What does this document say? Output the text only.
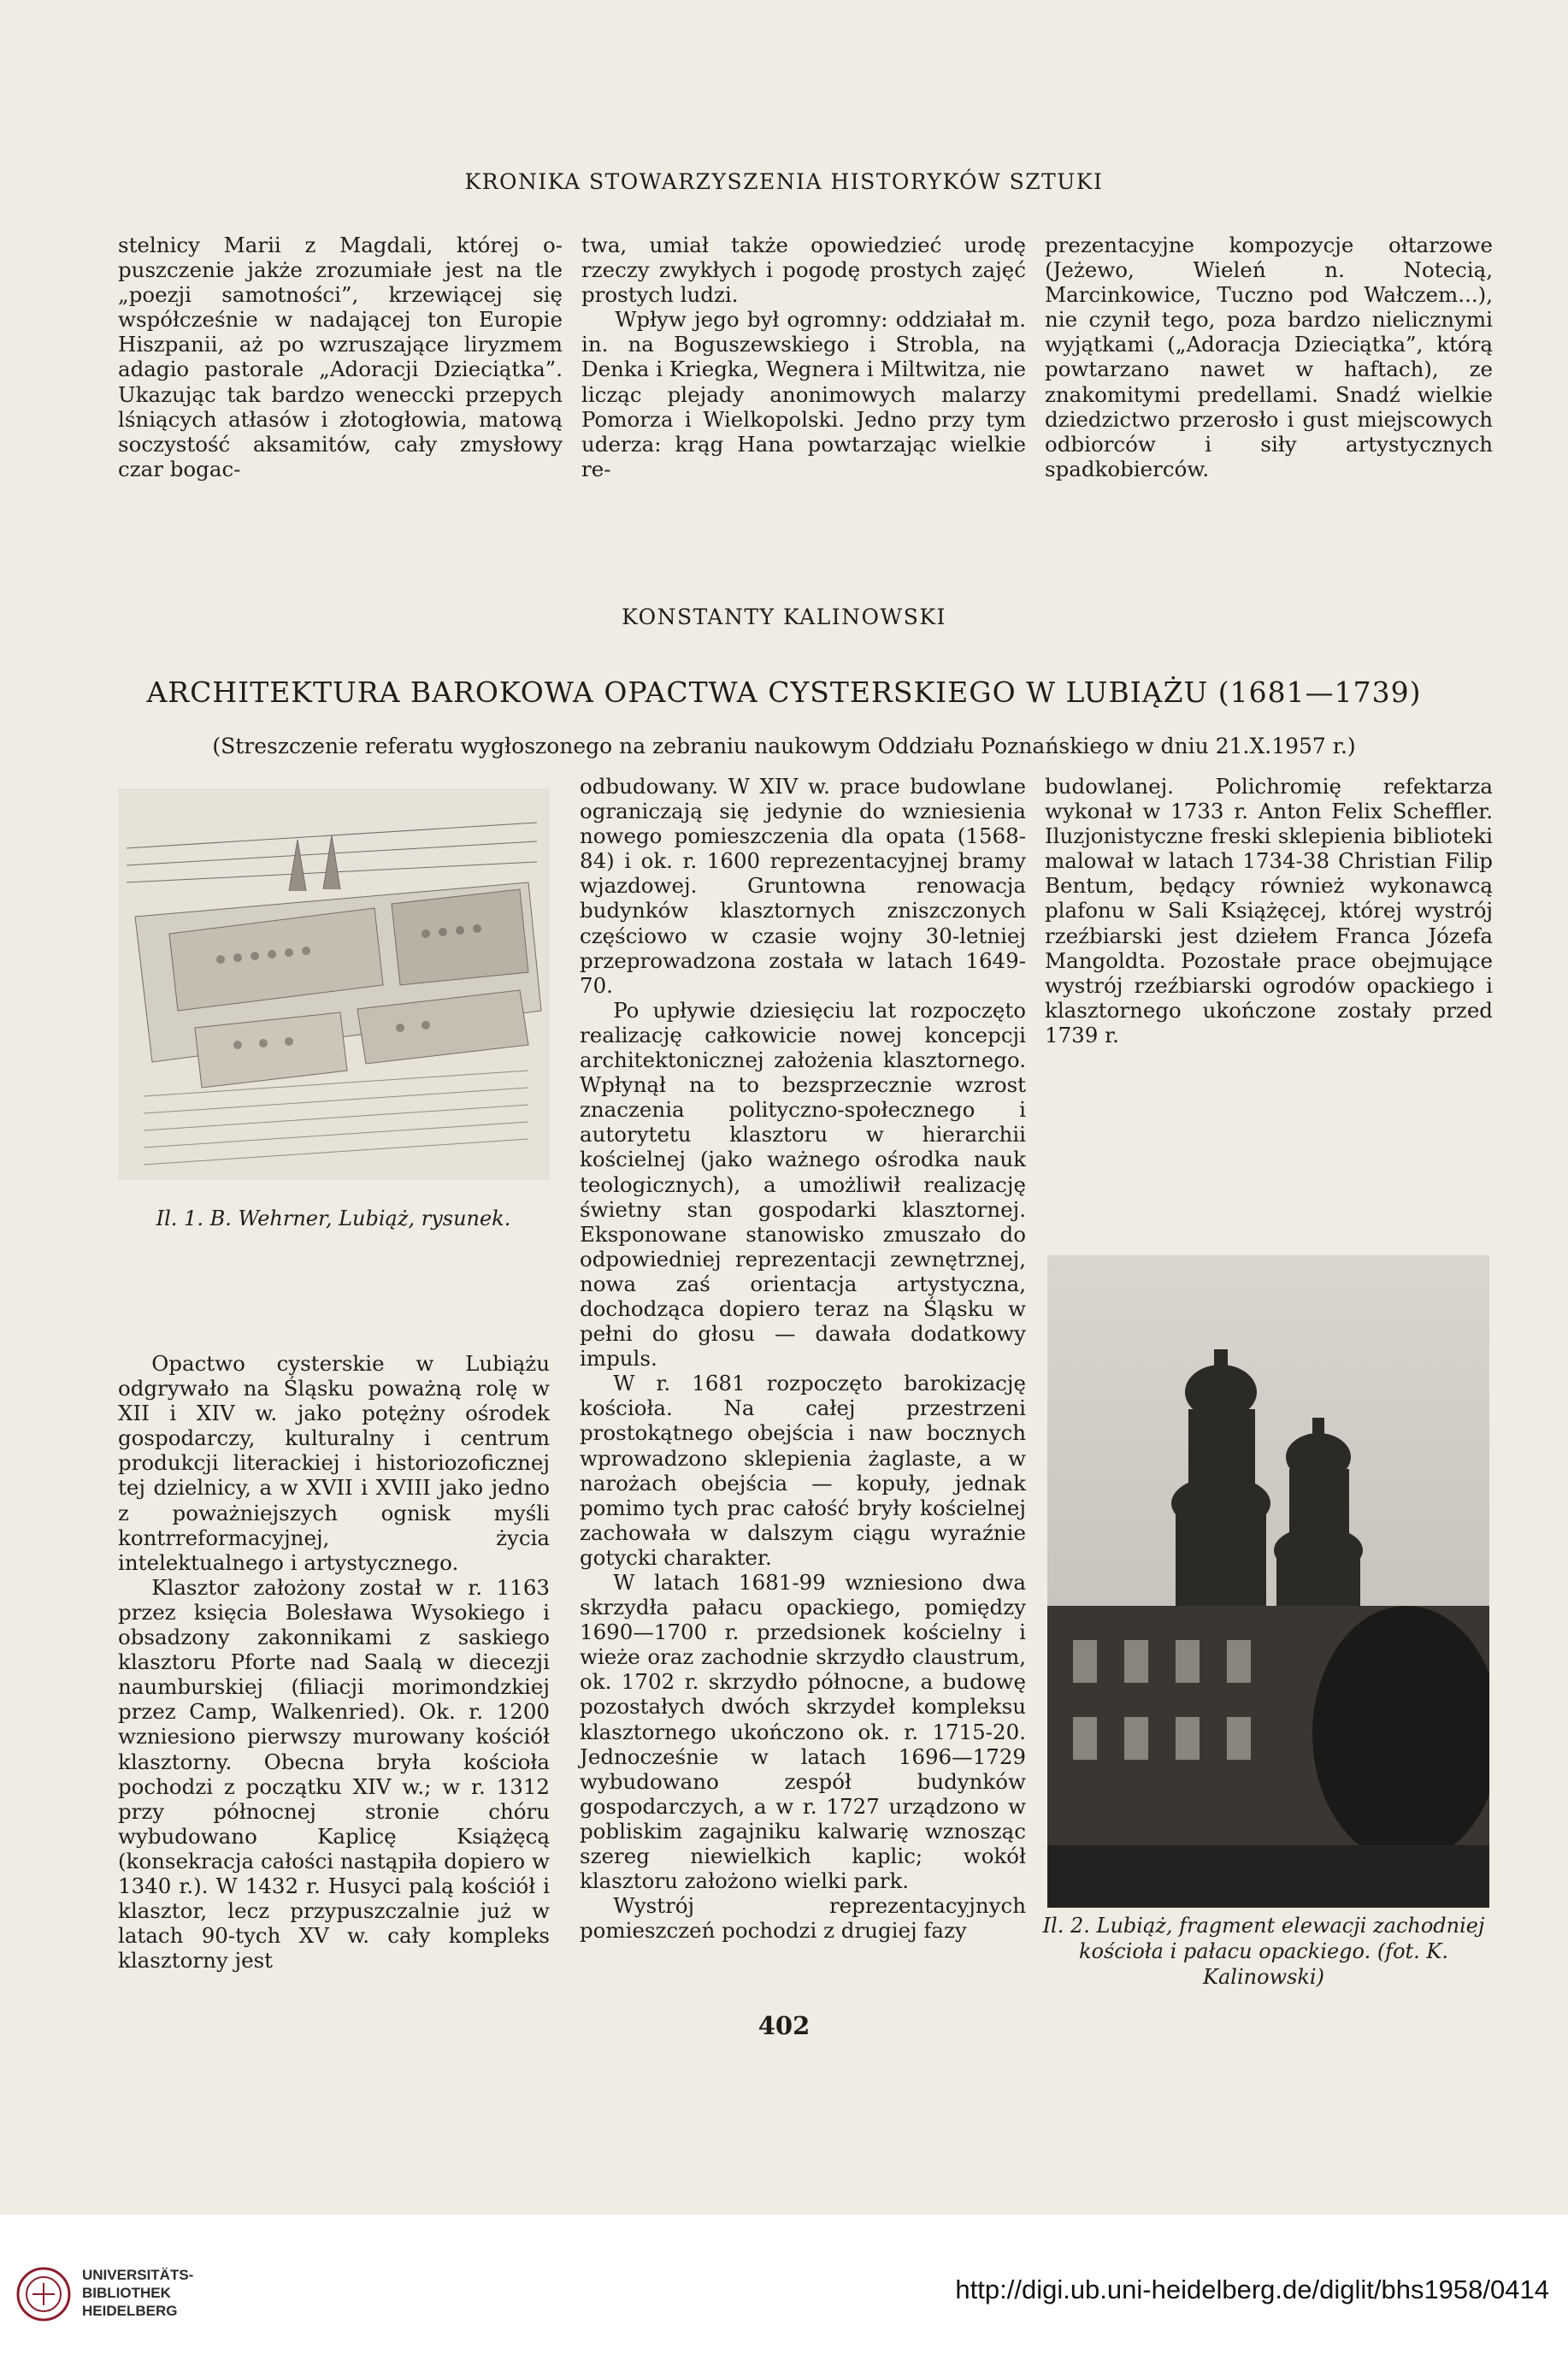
KRONIKA STOWARZYSZENIA HISTORYKÓW SZTUKI

stelnicy Marii z Magdali, której o-puszczenie jakże zrozumiałe jest na tle „poezji samotności”, krzewiącej się współcześnie w nadającej ton Europie Hiszpanii, aż po wzruszające liryzmem adagio pastorale „Adoracji Dzieciątka”. Ukazując tak bardzo weneccki przepych lśniących atłasów i złotogłowia, matową soczystość aksamitów, cały zmysłowy czar bogac-

twa, umiał także opowiedzieć urodę rzeczy zwykłych i pogodę prostych zajęć prostych ludzi.

Wpływ jego był ogromny: oddziałał m. in. na Boguszewskiego i Strobla, na Denka i Kriegka, Wegnera i Miltwitza, nie licząc plejady anonimowych malarzy Pomorza i Wielkopolski. Jedno przy tym uderza: krąg Hana powtarzając wielkie re-

prezentacyjne kompozycje ołtarzowe (Jeżewo, Wieleń n. Notecią, Marcinkowice, Tuczno pod Wałczem...), nie czynił tego, poza bardzo nielicznymi wyjątkami („Adoracja Dzieciątka”, którą powtarzano nawet w haftach), ze znakomitymi predellami. Snadź wielkie dziedzictwo przerosło i gust miejscowych odbiorców i siły artystycznych spadkobierców.

KONSTANTY KALINOWSKI
ARCHITEKTURA BAROKOWA OPACTWA CYSTERSKIEGO W LUBIĄŻU (1681—1739)
(Streszczenie referatu wygłoszonego na zebraniu naukowym Oddziału Poznańskiego w dniu 21.X.1957 r.)
Il. 1. B. Wehrner, Lubiąż, rysunek.

Opactwo cysterskie w Lubiążu odgrywało na Śląsku poważną rolę w XII i XIV w. jako potężny ośrodek gospodarczy, kulturalny i centrum produkcji literackiej i historiozoficznej tej dzielnicy, a w XVII i XVIII jako jedno z poważniejszych ognisk myśli kontrreformacyjnej, życia intelektualnego i artystycznego.

Klasztor założony został w r. 1163 przez księcia Bolesława Wysokiego i obsadzony zakonnikami z saskiego klasztoru Pforte nad Saalą w diecezji naumburskiej (filiacji morimondzkiej przez Camp, Walkenried). Ok. r. 1200 wzniesiono pierwszy murowany kościół klasztorny. Obecna bryła kościoła pochodzi z początku XIV w.; w r. 1312 przy północnej stronie chóru wybudowano Kaplicę Książęcą (konsekracja całości nastąpiła dopiero w 1340 r.). W 1432 r. Husyci palą kościół i klasztor, lecz przypuszczalnie już w latach 90-tych XV w. cały kompleks klasztorny jest

odbudowany. W XIV w. prace budowlane ograniczają się jedynie do wzniesienia nowego pomieszczenia dla opata (1568-84) i ok. r. 1600 reprezentacyjnej bramy wjazdowej. Gruntowna renowacja budynków klasztornych zniszczonych częściowo w czasie wojny 30-letniej przeprowadzona została w latach 1649-70.

Po upływie dziesięciu lat rozpoczęto realizację całkowicie nowej koncepcji architektonicznej założenia klasztornego. Wpłynął na to bezsprzecznie wzrost znaczenia polityczno-społecznego i autorytetu klasztoru w hierarchii kościelnej (jako ważnego ośrodka nauk teologicznych), a umożliwił realizację świetny stan gospodarki klasztornej. Eksponowane stanowisko zmuszało do odpowiedniej reprezentacji zewnętrznej, nowa zaś orientacja artystyczna, dochodząca dopiero teraz na Śląsku w pełni do głosu — dawała dodatkowy impuls.

W r. 1681 rozpoczęto barokizację kościoła. Na całej przestrzeni prostokątnego obejścia i naw bocznych wprowadzono sklepienia żaglaste, a w narożach obejścia — kopuły, jednak pomimo tych prac całość bryły kościelnej zachowała w dalszym ciągu wyraźnie gotycki charakter.

W latach 1681-99 wzniesiono dwa skrzydła pałacu opackiego, pomiędzy 1690—1700 r. przedsionek kościelny i wieże oraz zachodnie skrzydło claustrum, ok. 1702 r. skrzydło północne, a budowę pozostałych dwóch skrzydeł kompleksu klasztornego ukończono ok. r. 1715-20. Jednocześnie w latach 1696—1729 wybudowano zespół budynków gospodarczych, a w r. 1727 urządzono w pobliskim zagajniku kalwarię wznosząc szereg niewielkich kaplic; wokół klasztoru założono wielki park.

Wystrój reprezentacyjnych pomieszczeń pochodzi z drugiej fazy

budowlanej. Polichromię refektarza wykonał w 1733 r. Anton Felix Scheffler. Iluzjonistyczne freski sklepienia biblioteki malował w latach 1734-38 Christian Filip Bentum, będący również wykonawcą plafonu w Sali Książęcej, której wystrój rzeźbiarski jest dziełem Franca Józefa Mangoldta. Pozostałe prace obejmujące wystrój rzeźbiarski ogrodów opackiego i klasztornego ukończone zostały przed 1739 r.

Il. 2. Lubiąż, fragment elewacji zachodniej kościoła i pałacu opackiego. (fot. K. Kalinowski)
402
UNIVERSITÄTS-
BIBLIOTHEK
HEIDELBERG
http://digi.ub.uni-heidelberg.de/diglit/bhs1958/0414
